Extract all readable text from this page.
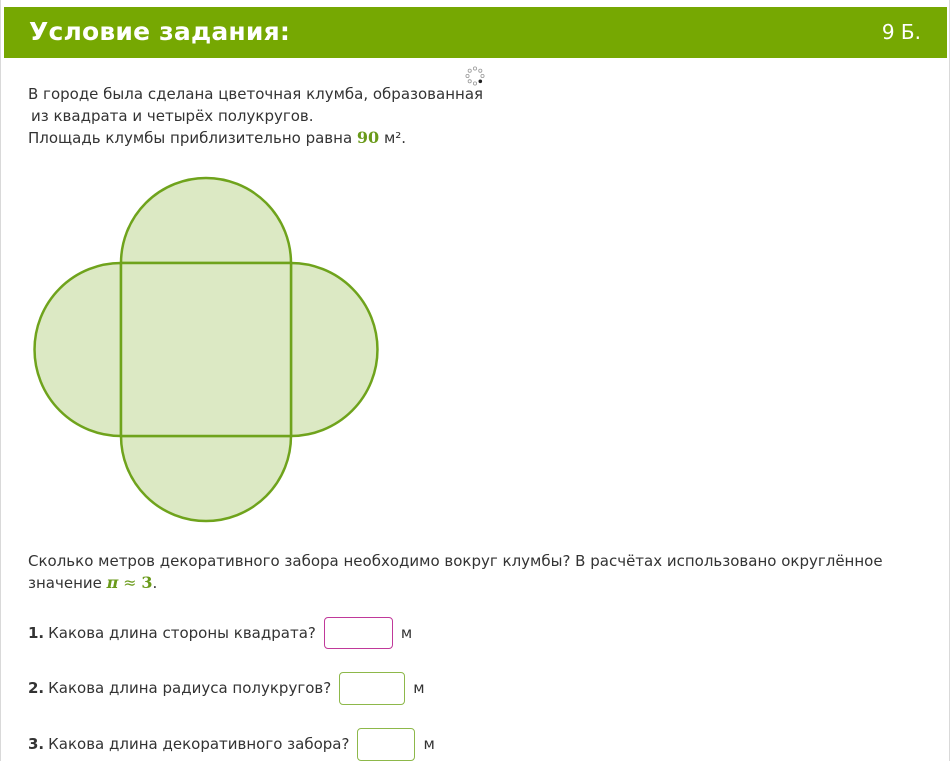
Условие задания:	9 Б.
В городе была сделана цветочная клумба, образованная
из квадрата и четырёх полукругов.
Площадь клумбы приблизительно равна 90 м².
Сколько метров декоративного забора необходимо вокруг клумбы? В расчётах использовано округлённое значение π ≈ 3.
1. Какова длина стороны квадрата?	м
2. Какова длина радиуса полукругов?	м
3. Какова длина декоративного забора?	м
